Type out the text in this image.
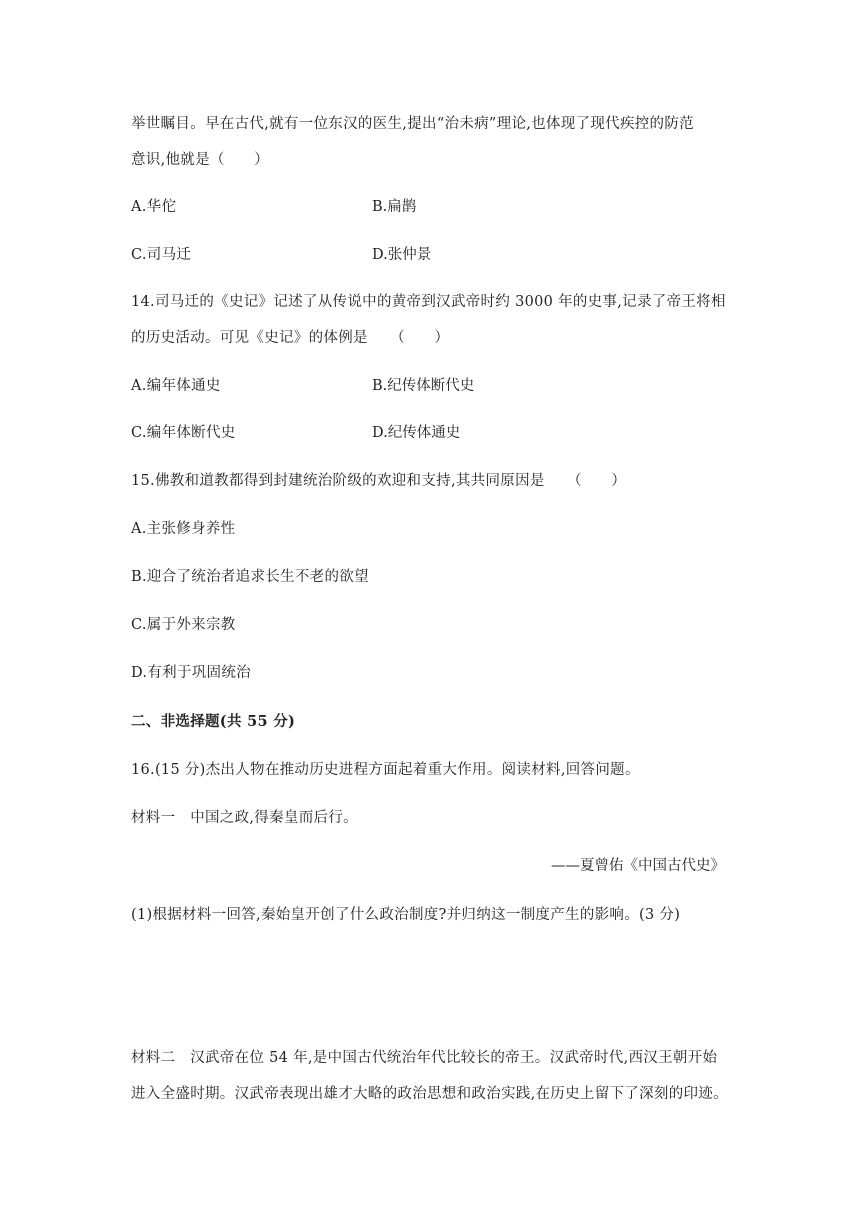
举世瞩目。早在古代,就有一位东汉的医生,提出“治未病”理论,也体现了现代疾控的防范
意识,他就是（　　）
A.华佗	B.扁鹊
C.司马迁	D.张仲景
14.司马迁的《史记》记述了从传说中的黄帝到汉武帝时约 3000 年的史事,记录了帝王将相
的历史活动。可见《史记》的体例是　　（　　）
A.编年体通史	B.纪传体断代史
C.编年体断代史	D.纪传体通史
15.佛教和道教都得到封建统治阶级的欢迎和支持,其共同原因是　　（　　）
A.主张修身养性
B.迎合了统治者追求长生不老的欲望
C.属于外来宗教
D.有利于巩固统治
二、非选择题(共 55 分)
16.(15 分)杰出人物在推动历史进程方面起着重大作用。阅读材料,回答问题。
材料一　中国之政,得秦皇而后行。
——夏曾佑《中国古代史》
(1)根据材料一回答,秦始皇开创了什么政治制度?并归纳这一制度产生的影响。(3 分)
材料二　汉武帝在位 54 年,是中国古代统治年代比较长的帝王。汉武帝时代,西汉王朝开始
进入全盛时期。汉武帝表现出雄才大略的政治思想和政治实践,在历史上留下了深刻的印迹。
